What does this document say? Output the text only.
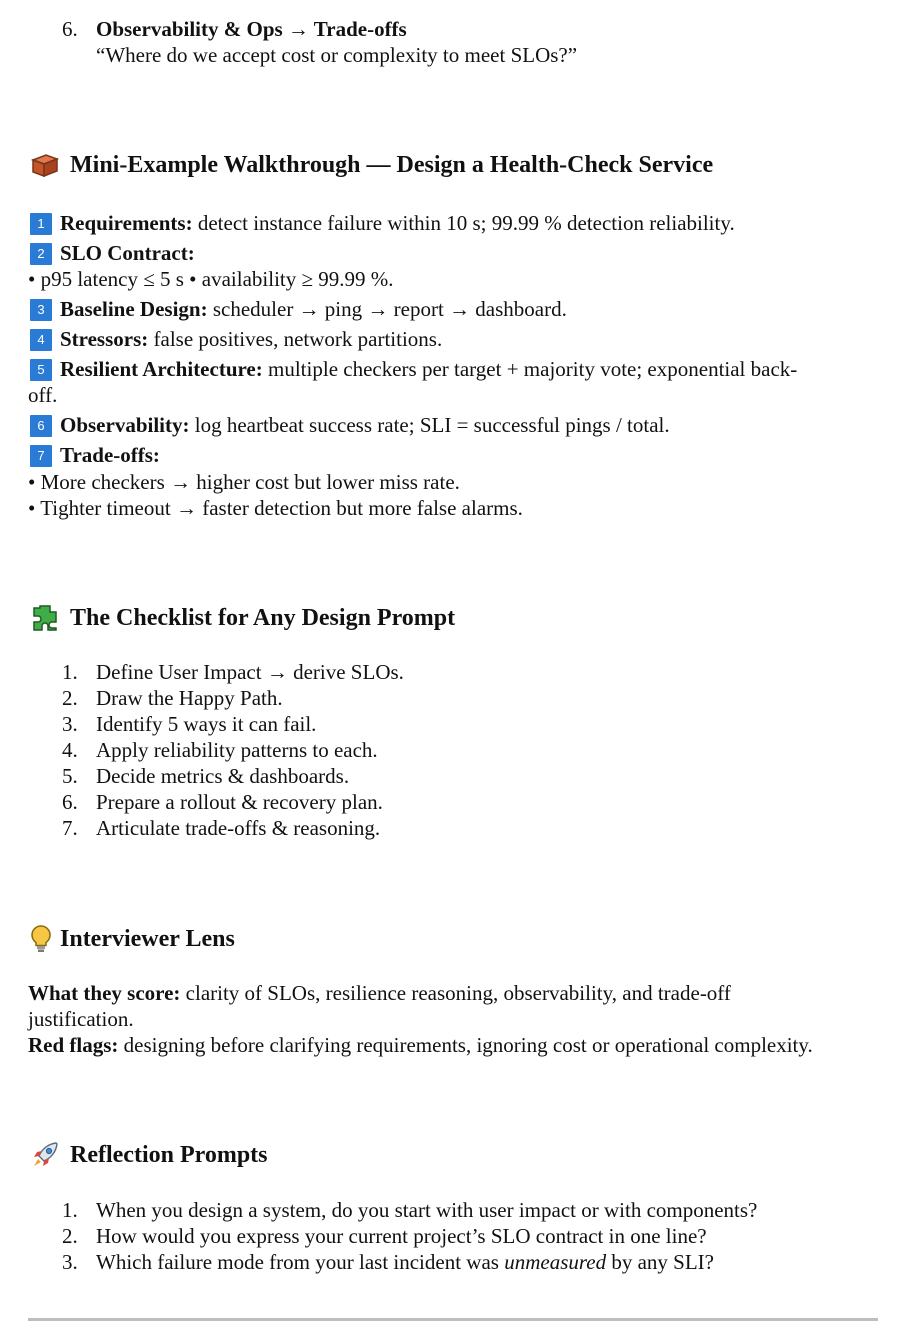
6. Observability & Ops → Trade-offs
“Where do we accept cost or complexity to meet SLOs?”
Mini-Example Walkthrough — Design a Health-Check Service
1 Requirements: detect instance failure within 10 s; 99.99 % detection reliability.
2 SLO Contract:
• p95 latency ≤ 5 s • availability ≥ 99.99 %.
3 Baseline Design: scheduler → ping → report → dashboard.
4 Stressors: false positives, network partitions.
5 Resilient Architecture: multiple checkers per target + majority vote; exponential back-
off.
6 Observability: log heartbeat success rate; SLI = successful pings / total.
7 Trade-offs:
• More checkers → higher cost but lower miss rate.
• Tighter timeout → faster detection but more false alarms.
The Checklist for Any Design Prompt
1. Define User Impact → derive SLOs.
2. Draw the Happy Path.
3. Identify 5 ways it can fail.
4. Apply reliability patterns to each.
5. Decide metrics & dashboards.
6. Prepare a rollout & recovery plan.
7. Articulate trade-offs & reasoning.
Interviewer Lens
What they score: clarity of SLOs, resilience reasoning, observability, and trade-off
justification.
Red flags: designing before clarifying requirements, ignoring cost or operational complexity.
Reflection Prompts
1. When you design a system, do you start with user impact or with components?
2. How would you express your current project’s SLO contract in one line?
3. Which failure mode from your last incident was unmeasured by any SLI?
